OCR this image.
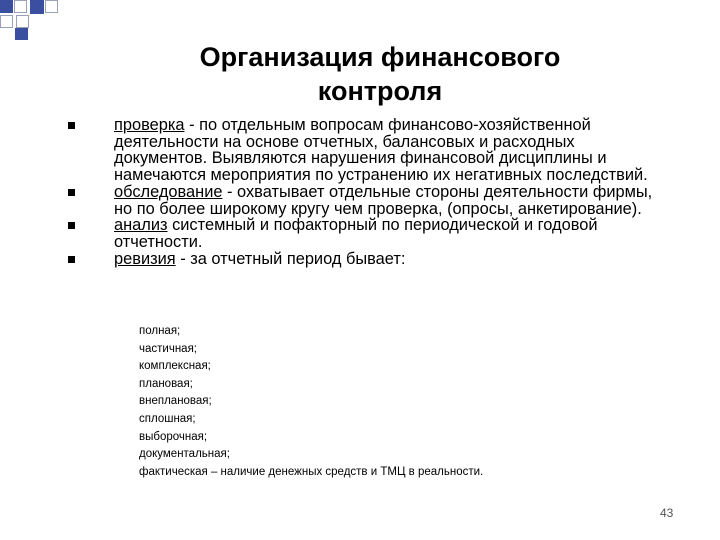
Организация финансового
контроля
проверка - по отдельным вопросам финансово-хозяйственной деятельности на основе отчетных, балансовых и расходных документов. Выявляются нарушения финансовой дисциплины и намечаются мероприятия по устранению их негативных последствий.
обследование - охватывает отдельные стороны деятельности фирмы, но по более широкому кругу чем проверка, (опросы, анкетирование).
анализ системный и пофакторный по периодической и годовой отчетности.
ревизия - за отчетный период бывает:
полная;
частичная;
комплексная;
плановая;
внеплановая;
сплошная;
выборочная;
документальная;
фактическая – наличие денежных средств и ТМЦ в реальности.
43
